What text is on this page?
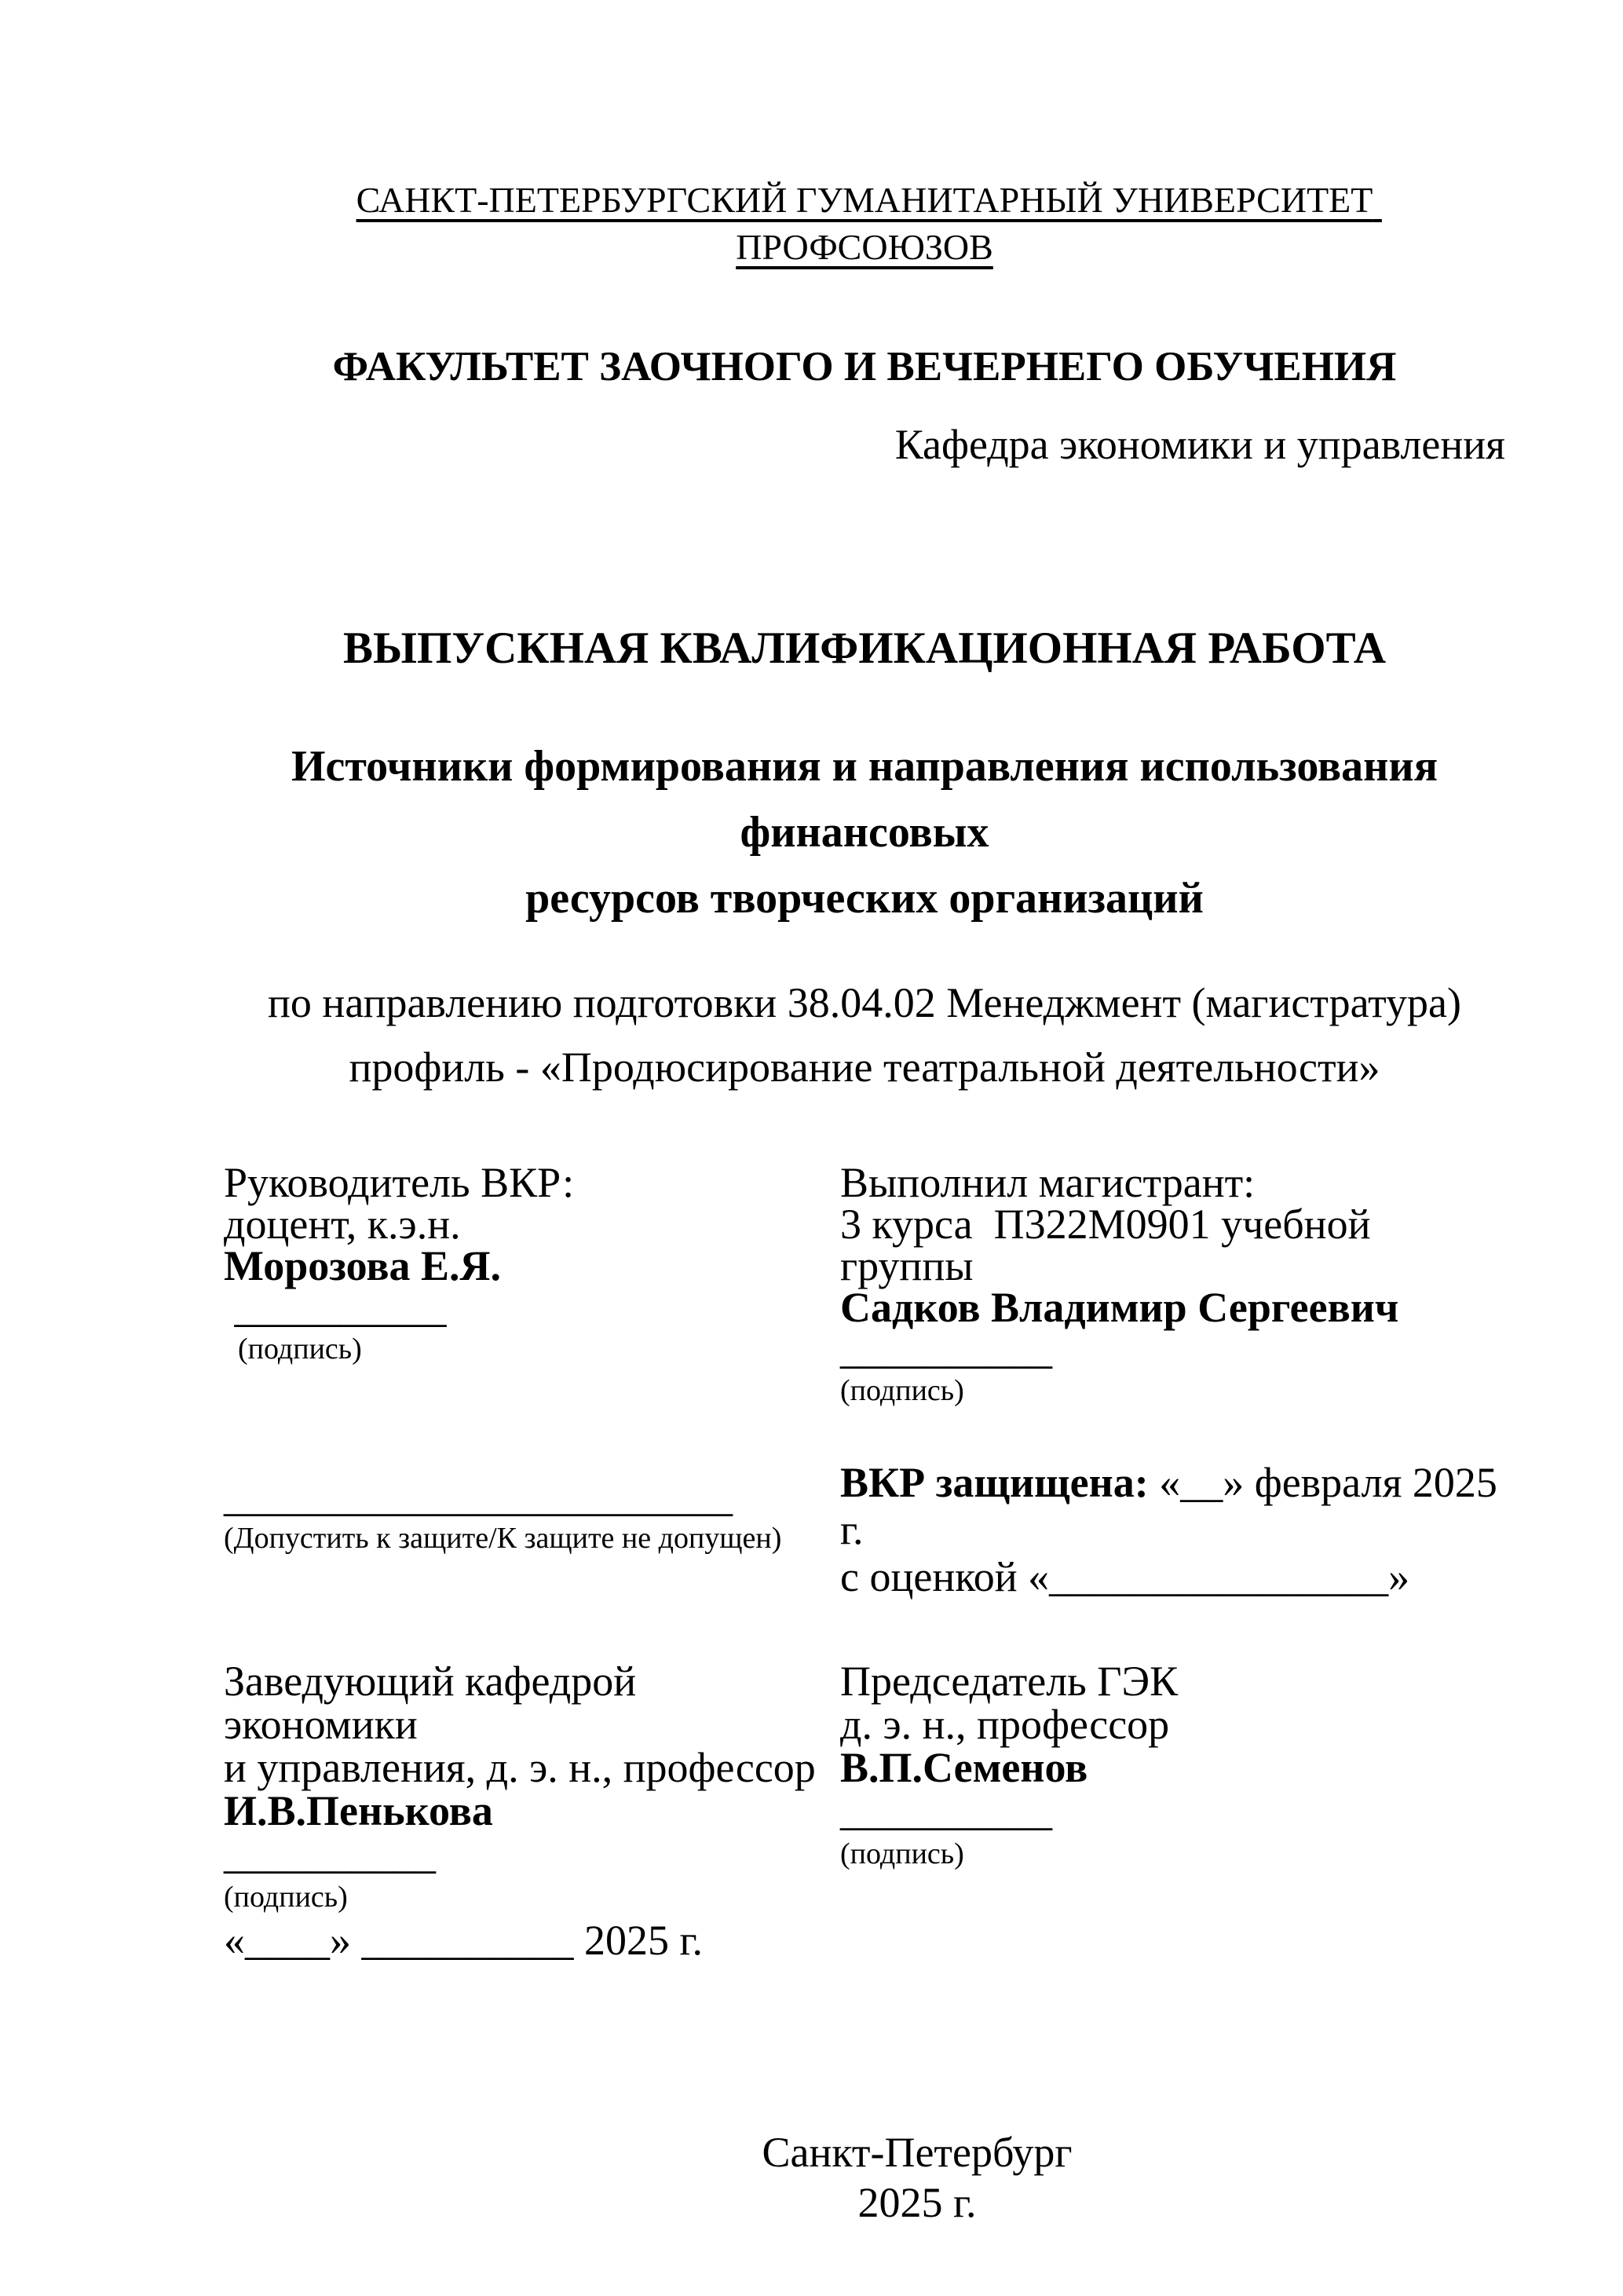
САНКТ-ПЕТЕРБУРГСКИЙ ГУМАНИТАРНЫЙ УНИВЕРСИТЕТ ПРОФСОЮЗОВ
ФАКУЛЬТЕТ ЗАОЧНОГО И ВЕЧЕРНЕГО ОБУЧЕНИЯ
Кафедра экономики и управления
ВЫПУСКНАЯ КВАЛИФИКАЦИОННАЯ РАБОТА
Источники формирования и направления использования финансовых
ресурсов творческих организаций
по направлению подготовки 38.04.02 Менеджмент (магистратура)
профиль - «Продюсирование театральной деятельности»
Руководитель ВКР:
доцент, к.э.н.
Морозова Е.Я.
__________
(подпись)
Выполнил магистрант:
3 курса  П322М0901 учебной группы
Садков Владимир Сергеевич
__________
(подпись)
________________________
(Допустить к защите/К защите не допущен)
ВКР защищена: «__» февраля 2025 г.
с оценкой «________________»
Заведующий кафедрой экономики
и управления, д. э. н., профессор
И.В.Пенькова
__________
(подпись)
«____» __________ 2025 г.
Председатель ГЭК
д. э. н., профессор
В.П.Семенов
__________
(подпись)
Санкт-Петербург
2025 г.
